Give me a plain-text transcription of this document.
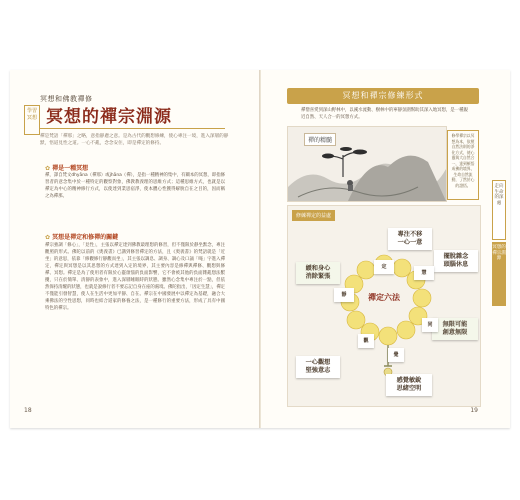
冥想和佛教禪修
學習冥想 冥想的禪宗淵源
禪是梵語「禪那」之略，意指靜慮之意。是為古代的觀想修練，使心專注一境，進入深層的靜默，悟道見性之道。一心不亂，念念安住，即是禪定的修持。
✿ 禪是一種冥想
禪，譯自梵文dhyāna（禪那）或jhāna（禪），是指一種精神的集中，有關本的冥想，即指修習者的意念集中於一種特定的觀察對象，佛教教義理的思維方式；這種思維方式，也就是以禪定為中心的精神修行方式，以使達到業思宿淨，使本體心性獲得解脫自在之目的，因而稱之為禪那。
✿ 冥想是禪定和修禪的關鍵
禪宗強調「修心」，「見性」，主張以禪定達到佛教最理想的修習，但不僅限於靜坐默念，專注觀照的形式。佛陀以前的《奧義書》已講到修習禪定的方法，且《奧義書》的梵語就是「近坐」的意思，依靠「修觀修行靜觀而坐」，其主張以調息、調身、調心及口誦「唵」字進入禪定，禪定與冥想是以其思想的方式達到入定的境界，其主要內容是修禪與禪修、觀想與修禪、冥想。禪定是為了使用者有限於心靈煩惱的負面影響，它不會被其他的負面雜亂想法繫擾，只在於簡單、清靜的表象中，進入深層睡眠時的狀態。雖然心念集中專注於一點，但依然保持清醒的狀態，也就是說修行者不要忘記自身在座的處境。佛陀指出，「因定生慧」，禪定不僅能引發智慧，使人在生活中更加平靜、自在。禪宗在中國發展中以禪定為基礎，融合大乘佛法的空性思想，同時也結合道家的修養之法，是一種修行的重要方法，形成了具有中國特色的禪宗。
18
冥想和禪宗修練形式
禪僧喜愛到深山野林中，以溪水流動、樹林中的寧靜氛圍幫助其深入地冥想，是一種親近自然、天人合一的冥想方式。
禪的精髓
修學禪宗以冥想為本，依照自然法則的淨化方式，使心靈與大自然合一，達到頓悟成佛的境界，生命自然流動，了然於心的證悟。
修練禪定的益處
禪定六法
專注不移
一心一意
擺脫雜念
頭腦休息
緩和身心
消除緊張
無限可能
創意無限
一心觀想
堅強意志
感覺敏銳
思緒空明
定
慧
靜
同
觀
覺
19
走向生命的深處
冥想的禪宗淵源
